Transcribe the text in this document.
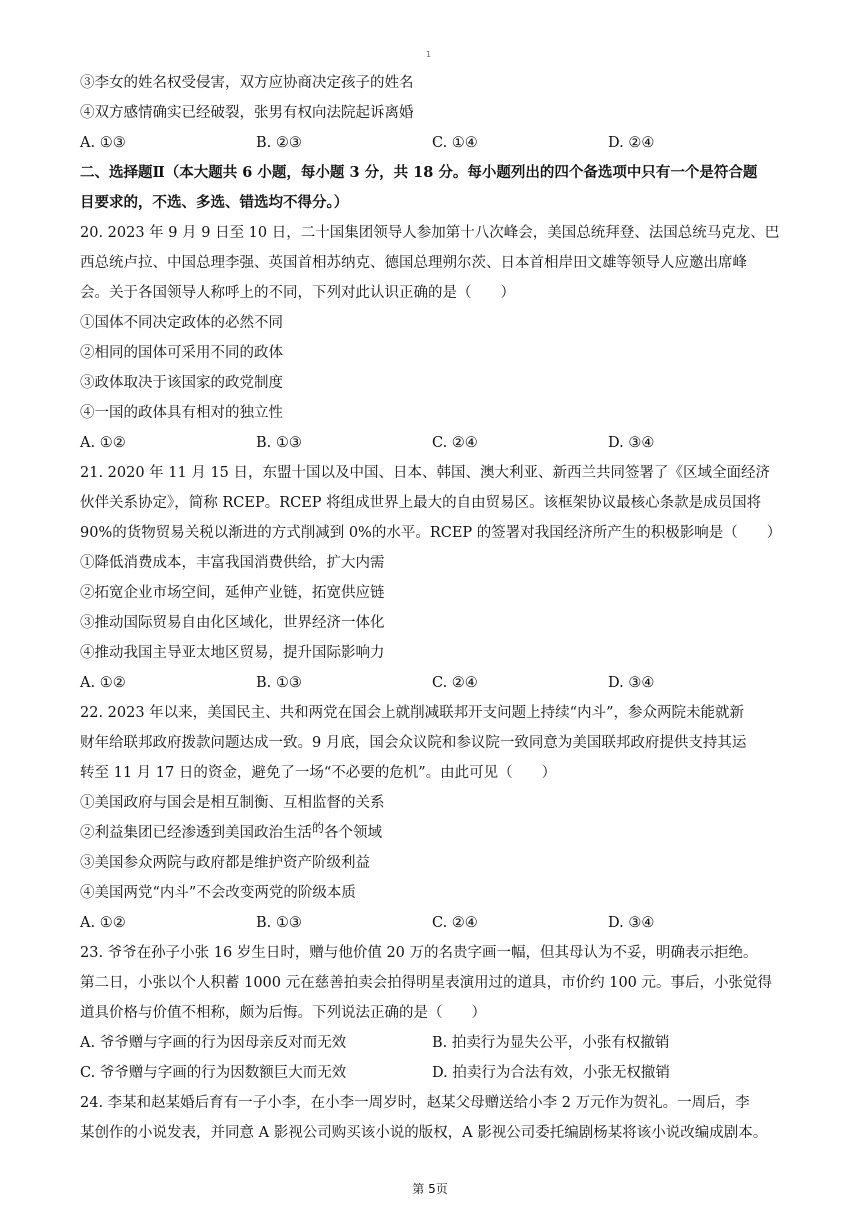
1
③李女的姓名权受侵害，双方应协商决定孩子的姓名
④双方感情确实已经破裂，张男有权向法院起诉离婚
A. ①③	B. ②③	C. ①④	D. ②④
二、选择题Ⅱ（本大题共 6 小题，每小题 3 分，共 18 分。每小题列出的四个备选项中只有一个是符合题
目要求的，不选、多选、错选均不得分。）
20. 2023 年 9 月 9 日至 10 日，二十国集团领导人参加第十八次峰会，美国总统拜登、法国总统马克龙、巴
西总统卢拉、中国总理李强、英国首相苏纳克、德国总理朔尔茨、日本首相岸田文雄等领导人应邀出席峰
会。关于各国领导人称呼上的不同，下列对此认识正确的是（　　）
①国体不同决定政体的必然不同
②相同的国体可采用不同的政体
③政体取决于该国家的政党制度
④一国的政体具有相对的独立性
A. ①②	B. ①③	C. ②④	D. ③④
21. 2020 年 11 月 15 日，东盟十国以及中国、日本、韩国、澳大利亚、新西兰共同签署了《区域全面经济
伙伴关系协定》，简称 RCEP。RCEP 将组成世界上最大的自由贸易区。该框架协议最核心条款是成员国将
90%的货物贸易关税以渐进的方式削减到 0%的水平。RCEP 的签署对我国经济所产生的积极影响是（　　）
①降低消费成本，丰富我国消费供给，扩大内需
②拓宽企业市场空间，延伸产业链，拓宽供应链
③推动国际贸易自由化区域化，世界经济一体化
④推动我国主导亚太地区贸易，提升国际影响力
A. ①②	B. ①③	C. ②④	D. ③④
22. 2023 年以来，美国民主、共和两党在国会上就削减联邦开支问题上持续“内斗”，参众两院未能就新
财年给联邦政府拨款问题达成一致。9 月底，国会众议院和参议院一致同意为美国联邦政府提供支持其运
转至 11 月 17 日的资金，避免了一场“不必要的危机”。由此可见（　　）
①美国政府与国会是相互制衡、互相监督的关系
②利益集团已经渗透到美国政治生活$^的$各个领域
③美国参众两院与政府都是维护资产阶级利益
④美国两党“内斗”不会改变两党的阶级本质
A. ①②	B. ①③	C. ②④	D. ③④
23. 爷爷在孙子小张 16 岁生日时，赠与他价值 20 万的名贵字画一幅，但其母认为不妥，明确表示拒绝。
第二日，小张以个人积蓄 1000 元在慈善拍卖会拍得明星表演用过的道具，市价约 100 元。事后，小张觉得
道具价格与价值不相称，颇为后悔。下列说法正确的是（　　）
A. 爷爷赠与字画的行为因母亲反对而无效	B. 拍卖行为显失公平，小张有权撤销
C. 爷爷赠与字画的行为因数额巨大而无效	D. 拍卖行为合法有效，小张无权撤销
24. 李某和赵某婚后育有一子小李，在小李一周岁时，赵某父母赠送给小李 2 万元作为贺礼。一周后，李
某创作的小说发表，并同意 A 影视公司购买该小说的版权，A 影视公司委托编剧杨某将该小说改编成剧本。
第 5页
